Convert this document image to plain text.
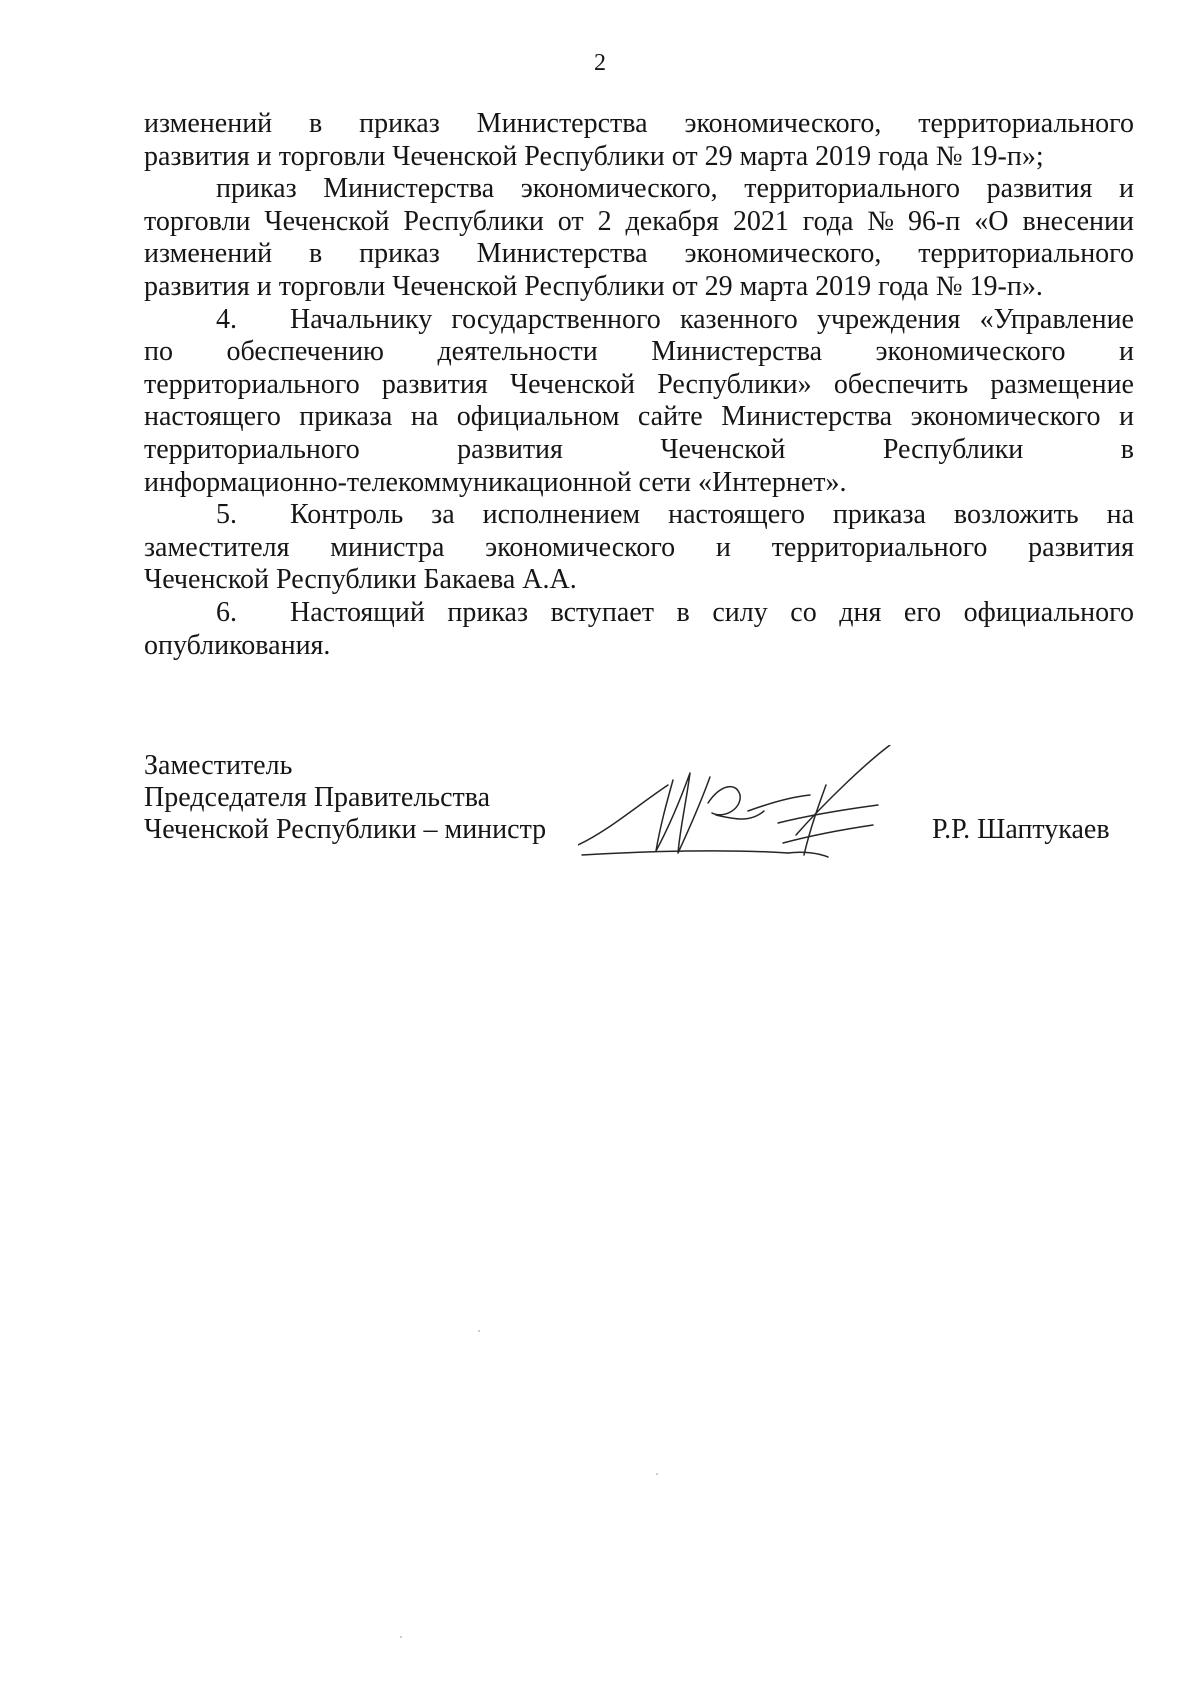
2
изменений в приказ Министерства экономического, территориального
развития и торговли Чеченской Республики от 29 марта 2019 года № 19-п»;
приказ Министерства экономического, территориального развития и
торговли Чеченской Республики от 2 декабря 2021 года № 96-п «О внесении
изменений в приказ Министерства экономического, территориального
развития и торговли Чеченской Республики от 29 марта 2019 года № 19-п».
4.	Начальнику государственного казенного учреждения «Управление
по обеспечению деятельности Министерства экономического и
территориального развития Чеченской Республики» обеспечить размещение
настоящего приказа на официальном сайте Министерства экономического и
территориального	развития	Чеченской	Республики	в
информационно-телекоммуникационной сети «Интернет».
5.	Контроль за исполнением настоящего приказа возложить на
заместителя министра экономического и территориального развития
Чеченской Республики Бакаева А.А.
6.	Настоящий приказ вступает в силу со дня его официального
опубликования.
Заместитель
Председателя Правительства
Чеченской Республики – министр	Р.Р. Шаптукаев
